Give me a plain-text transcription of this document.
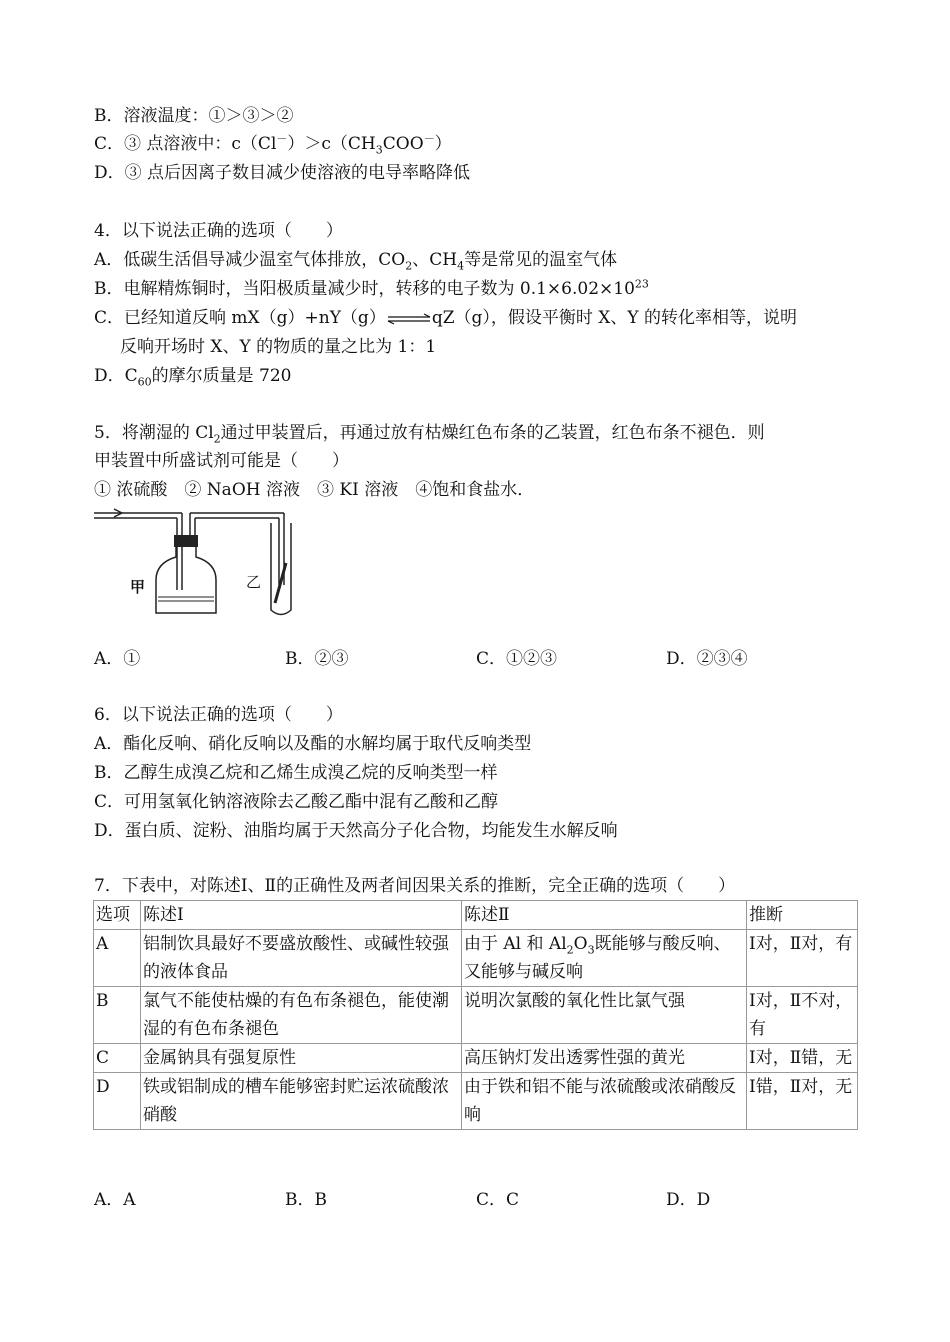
B．溶液温度：①＞③＞②
C．③ 点溶液中：$c(Cl^-)>c(CH_3COO^-)$
D．③ 点后因离子数目减少使溶液的电导率略降低
4．以下说法正确的选项（　　）
A．低碳生活倡导减少温室气体排放，$CO_2$、$CH_4$等是常见的温室气体
B．电解精炼铜时，当阳极质量减少时，转移的电子数为 $0.1\times 6.02\times 10^{23}$
C．已经知道反响 mX（g）+nY（g）⇌qZ（g），假设平衡时 X、Y 的转化率相等，说明
反响开场时 X、Y 的物质的量之比为 1：1
D．$C_{60}$的摩尔质量是 720
5．将潮湿的 $Cl_2$通过甲装置后，再通过放有枯燥红色布条的乙装置，红色布条不褪色．则
甲装置中所盛试剂可能是（　　）
① 浓硫酸　② NaOH 溶液　③ KI 溶液　④饱和食盐水．
甲	乙
A．①	B．②③	C．①②③	D．②③④
6．以下说法正确的选项（　　）
A．酯化反响、硝化反响以及酯的水解均属于取代反响类型
B．乙醇生成溴乙烷和乙烯生成溴乙烷的反响类型一样
C．可用氢氧化钠溶液除去乙酸乙酯中混有乙酸和乙醇
D．蛋白质、淀粉、油脂均属于天然高分子化合物，均能发生水解反响
7．下表中，对陈述Ⅰ、Ⅱ的正确性及两者间因果关系的推断，完全正确的选项（　　）
选项	陈述Ⅰ	陈述Ⅱ	推断
A	铝制饮具最好不要盛放酸性、或碱性较强的液体食品	由于 Al 和 $Al_2O_3$既能够与酸反响、又能够与碱反响	Ⅰ对，Ⅱ对，有
B	氯气不能使枯燥的有色布条褪色，能使潮湿的有色布条褪色	说明次氯酸的氧化性比氯气强	Ⅰ对，Ⅱ不对，有
C	金属钠具有强复原性	高压钠灯发出透雾性强的黄光	Ⅰ对，Ⅱ错，无
D	铁或铝制成的槽车能够密封贮运浓硫酸浓硝酸	由于铁和铝不能与浓硫酸或浓硝酸反响	Ⅰ错，Ⅱ对，无
A．A	B．B	C．C	D．D
